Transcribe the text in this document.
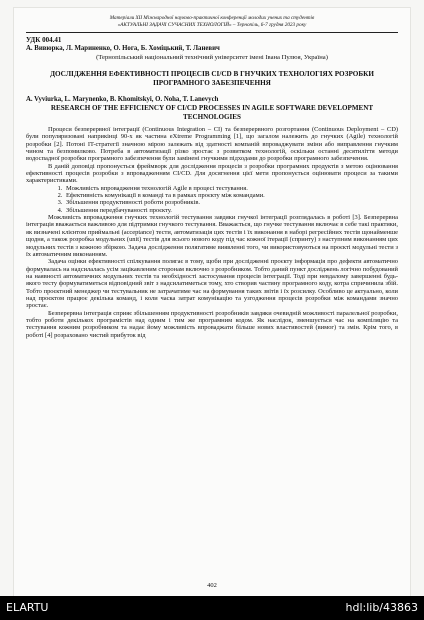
Матеріали XII Міжнародної науково-практичної конференції молодих учених та студентів
«АКТУАЛЬНІ ЗАДАЧІ СУЧАСНИХ ТЕХНОЛОГІЙ» – Тернопіль, 6-7 грудня 2023 року
УДК 004.41
А. Вивюрка, Л. Мариненко, О. Нога, Б. Хоміцький, Т. Ланевич
(Тернопільський національний технічний університет імені Івана Пулюя, Україна)
ДОСЛІДЖЕННЯ ЕФЕКТИВНОСТІ ПРОЦЕСІВ CI/CD В ГНУЧКИХ ТЕХНОЛОГІЯХ РОЗРОБКИ ПРОГРАМНОГО ЗАБЕЗПЕЧЕННЯ
A. Vyviurka, L. Marynenko, B. Khomitskyi, O. Noha, T. Lanevych
RESEARCH OF THE EFFICIENCY OF CI/CD PROCESSES IN AGILE SOFTWARE DEVELOPMENT TECHNOLOGIES

Процеси безперервної інтеграції (Continuous Integration – CI) та безперервного розгортання (Continuous Deployment – CD) були популяризовані наприкінці 90-х як частина eXtreme Programming [1], що загалом належить до гнучких (Agile) технологій розробки [2]. Потоні IT-стратегії значною мірою залежать від здатності компаній впроваджувати зміни або виправлення гнучким чином та безпомилково. Потреба в автоматизації різко зростає з розвитком технологій, оскільки останні десятиліття методи водоспадної розробки програмного забезпечення були замінені гнучкими підходами до розробки програмного забезпечення.

В даній доповіді пропонується фреймворк для дослідження процесів з розробки програмних продуктів з метою оцінювання ефективності процесів розробки з впровадженням CI/CD. Для досягнення цієї мети пропонується оцінювати процеси за такими характеристиками.

1. Можливість впровадження технологій Agile в процесі тестування.
2. Ефективність комунікації в команді та в рамках проєкту між командами.
3. Збільшення продуктивності роботи розробників.
4. Збільшення передбачуваності проєкту.

Можливість впровадження гнучких технологій тестування завдяки гнучкої інтеграції розглядалась в роботі [3]. Безперервна інтеграція вважається важливою для підтримки гнучкого тестування. Вважається, що гнучке тестування включає в себе такі практики, як визначені клієнтом приймальні (acceptance) тести, автоматизація цих тестів і їх виконання в наборі регресійних тестів щонайменше щодня, а також розробка модульних (unit) тестів для всього нового коду під час кожної ітерації (спринту) з наступним виконанням цих модульних тестів з кожною збіркою. Задача дослідження полягатиме виявленні того, чи використовуються на проєкті модульні тести з їх автоматичним виконанням.

Задача оцінки ефективності спілкування полягає в тому, щоби при дослідженні проєкту інформація про дефекти автоматично формувалась на надсилалась усім зацікавленим сторонам включно з розробником. Тобто даний пункт досліджень логічно побудований на наявності автоматичних модульних тестів та необхідності застосування процесів інтеграції. Тоді при невдалому завершенні будь-якого тесту формуватиметься відповідний звіт з надсилатиметься тому, хто створив частину програмного коду, котра спричинила збій. Тобто проєктний менеджер чи тестувальник не затрачатиме час на формування таких звітів і їх розсилку. Особливо це актуально, коли над проєктом працює декілька команд, і коли часка затрат комунікацію та узгодження процесів розробки між командами значно зростає.

Безперервна інтеграція сприяє збільшенням продуктивності розробників завдяки очевидній можливості паралельної розробки, тобто роботи декількох програмістів над одним і тим же програмним кодом. Як наслідок, зменшується час на компіляцію та тестування кожним розробником та надає йому можливість впроваджати більше нових властивостей (вимог) та змін. Крім того, в роботі [4] розраховано чистий прибуток від

402
ELARTU	hdl:lib/43863
